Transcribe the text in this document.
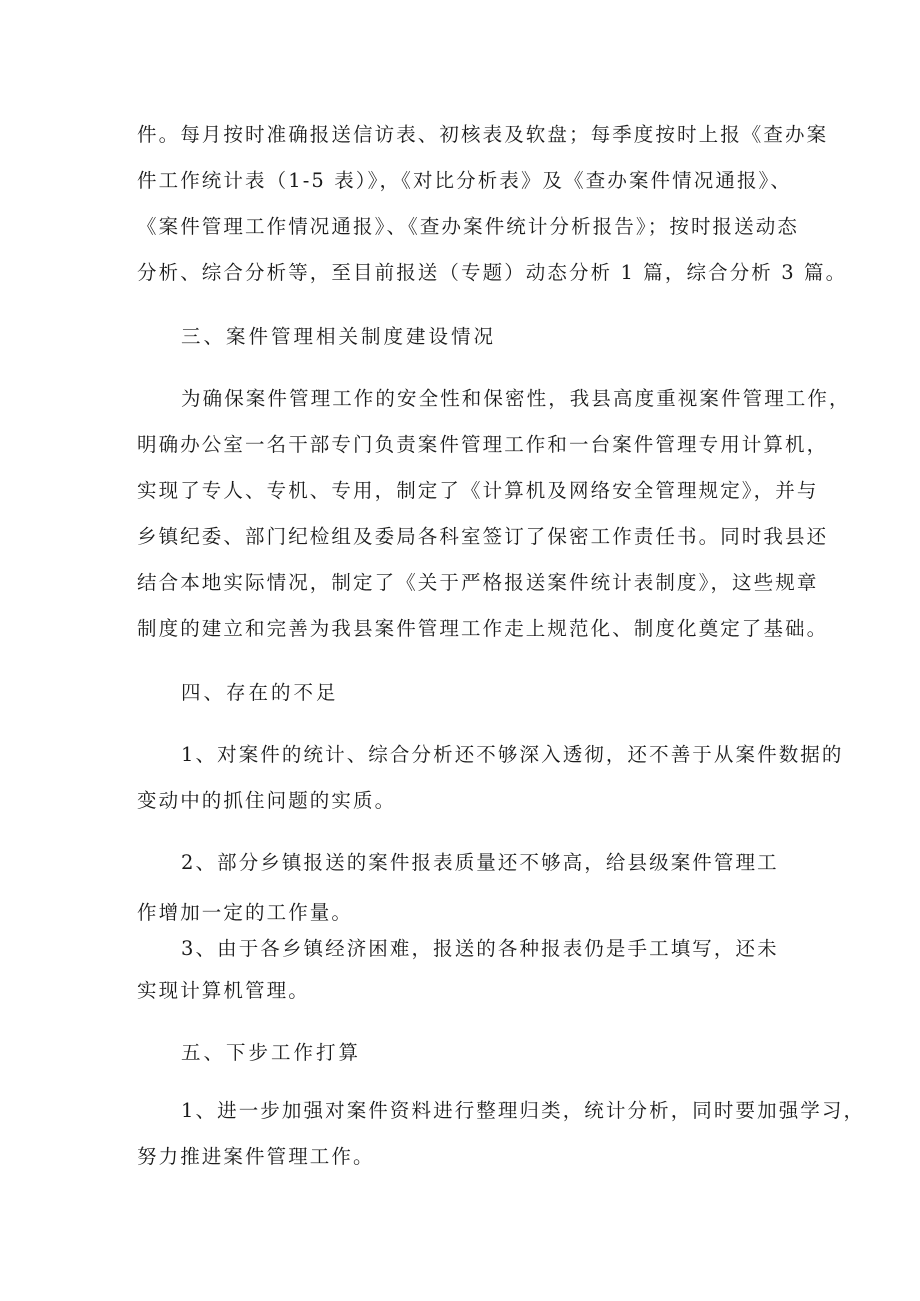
件。每月按时准确报送信访表、初核表及软盘；每季度按时上报《查办案
件工作统计表（1-5 表）》，《对比分析表》及《查办案件情况通报》、
《案件管理工作情况通报》、《查办案件统计分析报告》；按时报送动态
分析、综合分析等，至目前报送（专题）动态分析 1 篇，综合分析 3 篇。
三、案件管理相关制度建设情况
为确保案件管理工作的安全性和保密性，我县高度重视案件管理工作，
明确办公室一名干部专门负责案件管理工作和一台案件管理专用计算机，
实现了专人、专机、专用，制定了《计算机及网络安全管理规定》，并与
乡镇纪委、部门纪检组及委局各科室签订了保密工作责任书。同时我县还
结合本地实际情况，制定了《关于严格报送案件统计表制度》，这些规章
制度的建立和完善为我县案件管理工作走上规范化、制度化奠定了基础。
四、存在的不足
1、对案件的统计、综合分析还不够深入透彻，还不善于从案件数据的
变动中的抓住问题的实质。
2、部分乡镇报送的案件报表质量还不够高，给县级案件管理工
作增加一定的工作量。
3、由于各乡镇经济困难，报送的各种报表仍是手工填写，还未
实现计算机管理。
五、下步工作打算
1、进一步加强对案件资料进行整理归类，统计分析，同时要加强学习，
努力推进案件管理工作。
